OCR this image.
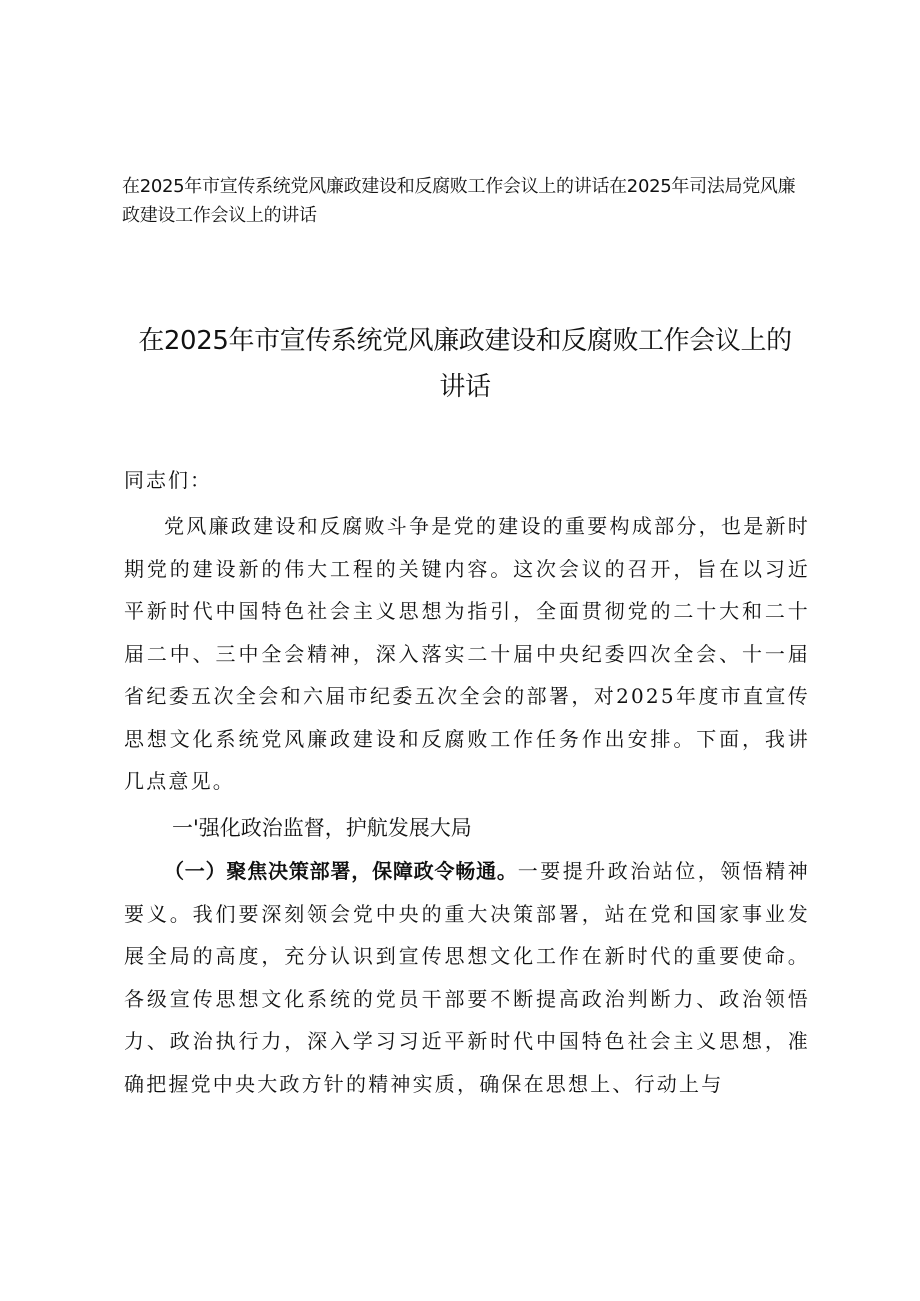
在2025年市宣传系统党风廉政建设和反腐败工作会议上的讲话在2025年司法局党风廉政建设工作会议上的讲话
在2025年市宣传系统党风廉政建设和反腐败工作会议上的讲话
同志们：

党风廉政建设和反腐败斗争是党的建设的重要构成部分，也是新时期党的建设新的伟大工程的关键内容。这次会议的召开，旨在以习近平新时代中国特色社会主义思想为指引，全面贯彻党的二十大和二十届二中、三中全会精神，深入落实二十届中央纪委四次全会、十一届省纪委五次全会和六届市纪委五次全会的部署，对2025年度市直宣传思想文化系统党风廉政建设和反腐败工作任务作出安排。下面，我讲几点意见。

一'强化政治监督，护航发展大局

（一）聚焦决策部署，保障政令畅通。一要提升政治站位，领悟精神要义。我们要深刻领会党中央的重大决策部署，站在党和国家事业发展全局的高度，充分认识到宣传思想文化工作在新时代的重要使命。各级宣传思想文化系统的党员干部要不断提高政治判断力、政治领悟力、政治执行力，深入学习习近平新时代中国特色社会主义思想，准确把握党中央大政方针的精神实质，确保在思想上、行动上与
